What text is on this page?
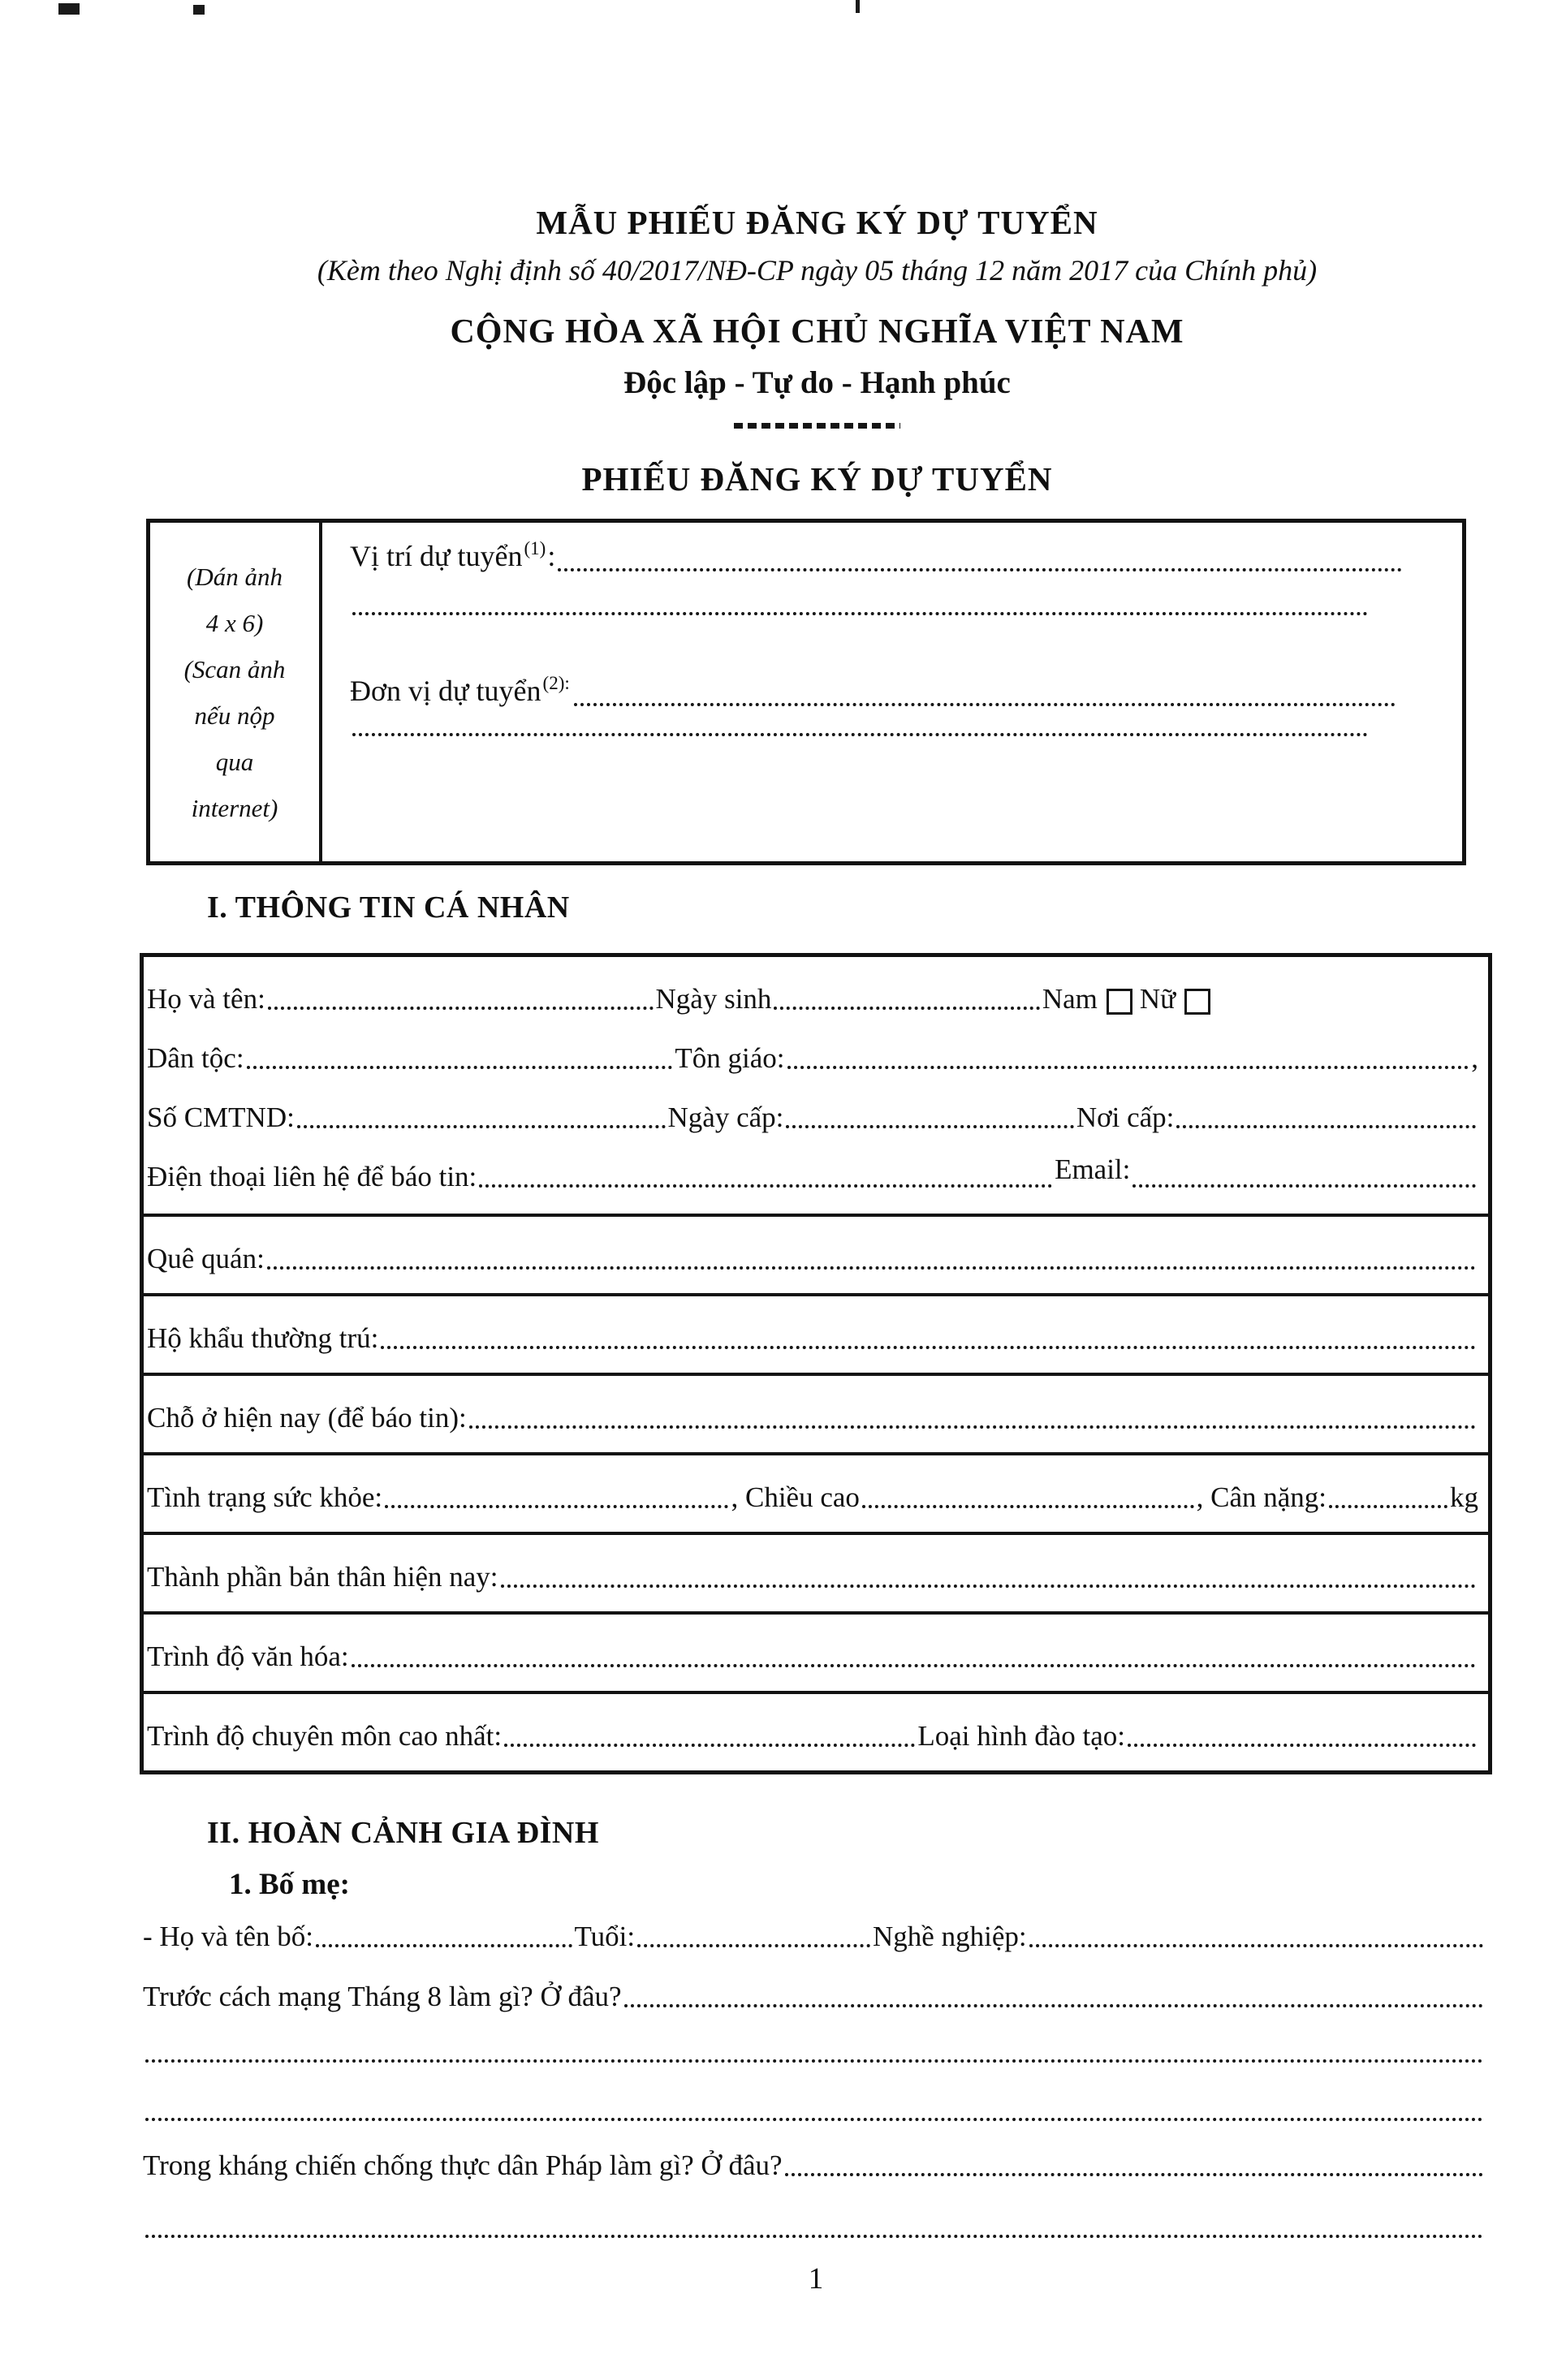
MẪU PHIẾU ĐĂNG KÝ DỰ TUYỂN
(Kèm theo Nghị định số 40/2017/NĐ-CP ngày 05 tháng 12 năm 2017 của Chính phủ)
CỘNG HÒA XÃ HỘI CHỦ NGHĨA VIỆT NAM
Độc lập - Tự do - Hạnh phúc
PHIẾU ĐĂNG KÝ DỰ TUYỂN
(Dán ảnh
4 x 6)
(Scan ảnh
nếu nộp
qua
internet)
Vị trí dự tuyển (1) :
Đơn vị dự tuyển (2):
I. THÔNG TIN CÁ NHÂN
Họ và tên:	Ngày sinh	Nam Nữ
Dân tộc:	Tôn giáo:	,
Số CMTND:	Ngày cấp:	Nơi cấp:
Điện thoại liên hệ để báo tin:	Email:
Quê quán:
Hộ khẩu thường trú:
Chỗ ở hiện nay (để báo tin):
Tình trạng sức khỏe:	, Chiều cao	, Cân nặng:	kg
Thành phần bản thân hiện nay:
Trình độ văn hóa:
Trình độ chuyên môn cao nhất:	Loại hình đào tạo:
II. HOÀN CẢNH GIA ĐÌNH
1. Bố mẹ:
- Họ và tên bố:	Tuổi:	Nghề nghiệp:
Trước cách mạng Tháng 8 làm gì? Ở đâu?
Trong kháng chiến chống thực dân Pháp làm gì? Ở đâu?
1
